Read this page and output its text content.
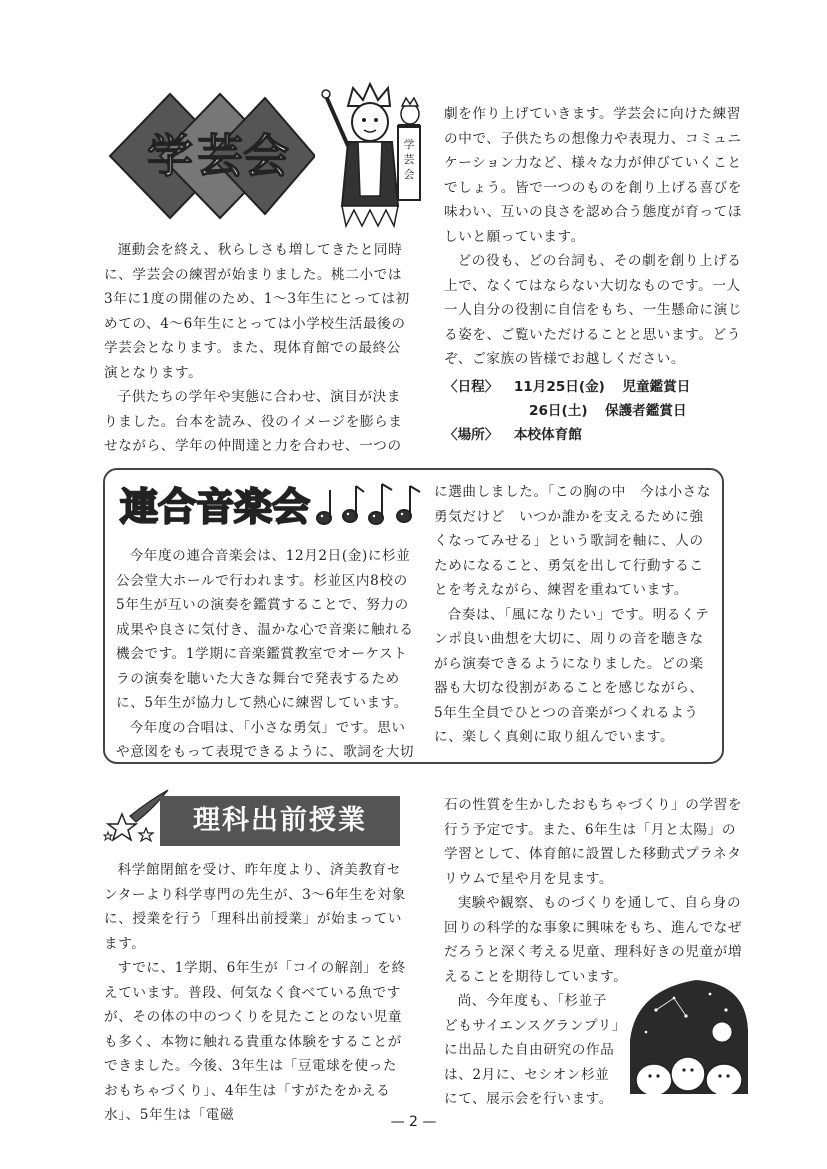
学 芸 会	学
芸
会

運動会を終え、秋らしさも増してきたと同時に、学芸会の練習が始まりました。桃二小では3年に1度の開催のため、1～3年生にとっては初めての、4～6年生にとっては小学校生活最後の学芸会となります。また、現体育館での最終公演となります。

子供たちの学年や実態に合わせ、演目が決まりました。台本を読み、役のイメージを膨らませながら、学年の仲間達と力を合わせ、一つの

劇を作り上げていきます。学芸会に向けた練習の中で、子供たちの想像力や表現力、コミュニケーション力など、様々な力が伸びていくことでしょう。皆で一つのものを創り上げる喜びを味わい、互いの良さを認め合う態度が育ってほしいと願っています。

どの役も、どの台詞も、その劇を創り上げる上で、なくてはならない大切なものです。一人一人自分の役割に自信をもち、一生懸命に演じる姿を、ご覧いただけることと思います。どうぞ、ご家族の皆様でお越しください。

〈日程〉 11月25日(金) 児童鑑賞日
26日(土) 保護者鑑賞日
〈場所〉 本校体育館
連合音楽会

今年度の連合音楽会は、12月2日(金)に杉並公会堂大ホールで行われます。杉並区内8校の5年生が互いの演奏を鑑賞することで、努力の成果や良さに気付き、温かな心で音楽に触れる機会です。1学期に音楽鑑賞教室でオーケストラの演奏を聴いた大きな舞台で発表するために、5年生が協力して熱心に練習しています。

今年度の合唱は、「小さな勇気」です。思いや意図をもって表現できるように、歌詞を大切

に選曲しました。「この胸の中　今は小さな勇気だけど　いつか誰かを支えるために強くなってみせる」という歌詞を軸に、人のためになること、勇気を出して行動することを考えながら、練習を重ねています。

合奏は、「風になりたい」です。明るくテンポ良い曲想を大切に、周りの音を聴きながら演奏できるようになりました。どの楽器も大切な役割があることを感じながら、5年生全員でひとつの音楽がつくれるように、楽しく真剣に取り組んでいます。

理科出前授業

科学館閉館を受け、昨年度より、済美教育センターより科学専門の先生が、3～6年生を対象に、授業を行う「理科出前授業」が始まっています。

すでに、1学期、6年生が「コイの解剖」を終えています。普段、何気なく食べている魚ですが、その体の中のつくりを見たことのない児童も多く、本物に触れる貴重な体験をすることができました。今後、3年生は「豆電球を使ったおもちゃづくり」、4年生は「すがたをかえる水」、5年生は「電磁

石の性質を生かしたおもちゃづくり」の学習を行う予定です。また、6年生は「月と太陽」の学習として、体育館に設置した移動式プラネタリウムで星や月を見ます。

実験や観察、ものづくりを通して、自ら身の回りの科学的な事象に興味をもち、進んでなぜだろうと深く考える児童、理科好きの児童が増えることを期待しています。

尚、今年度も、「杉並子どもサイエンスグランプリ」に出品した自由研究の作品は、2月に、セシオン杉並にて、展示会を行います。

— 2 —
